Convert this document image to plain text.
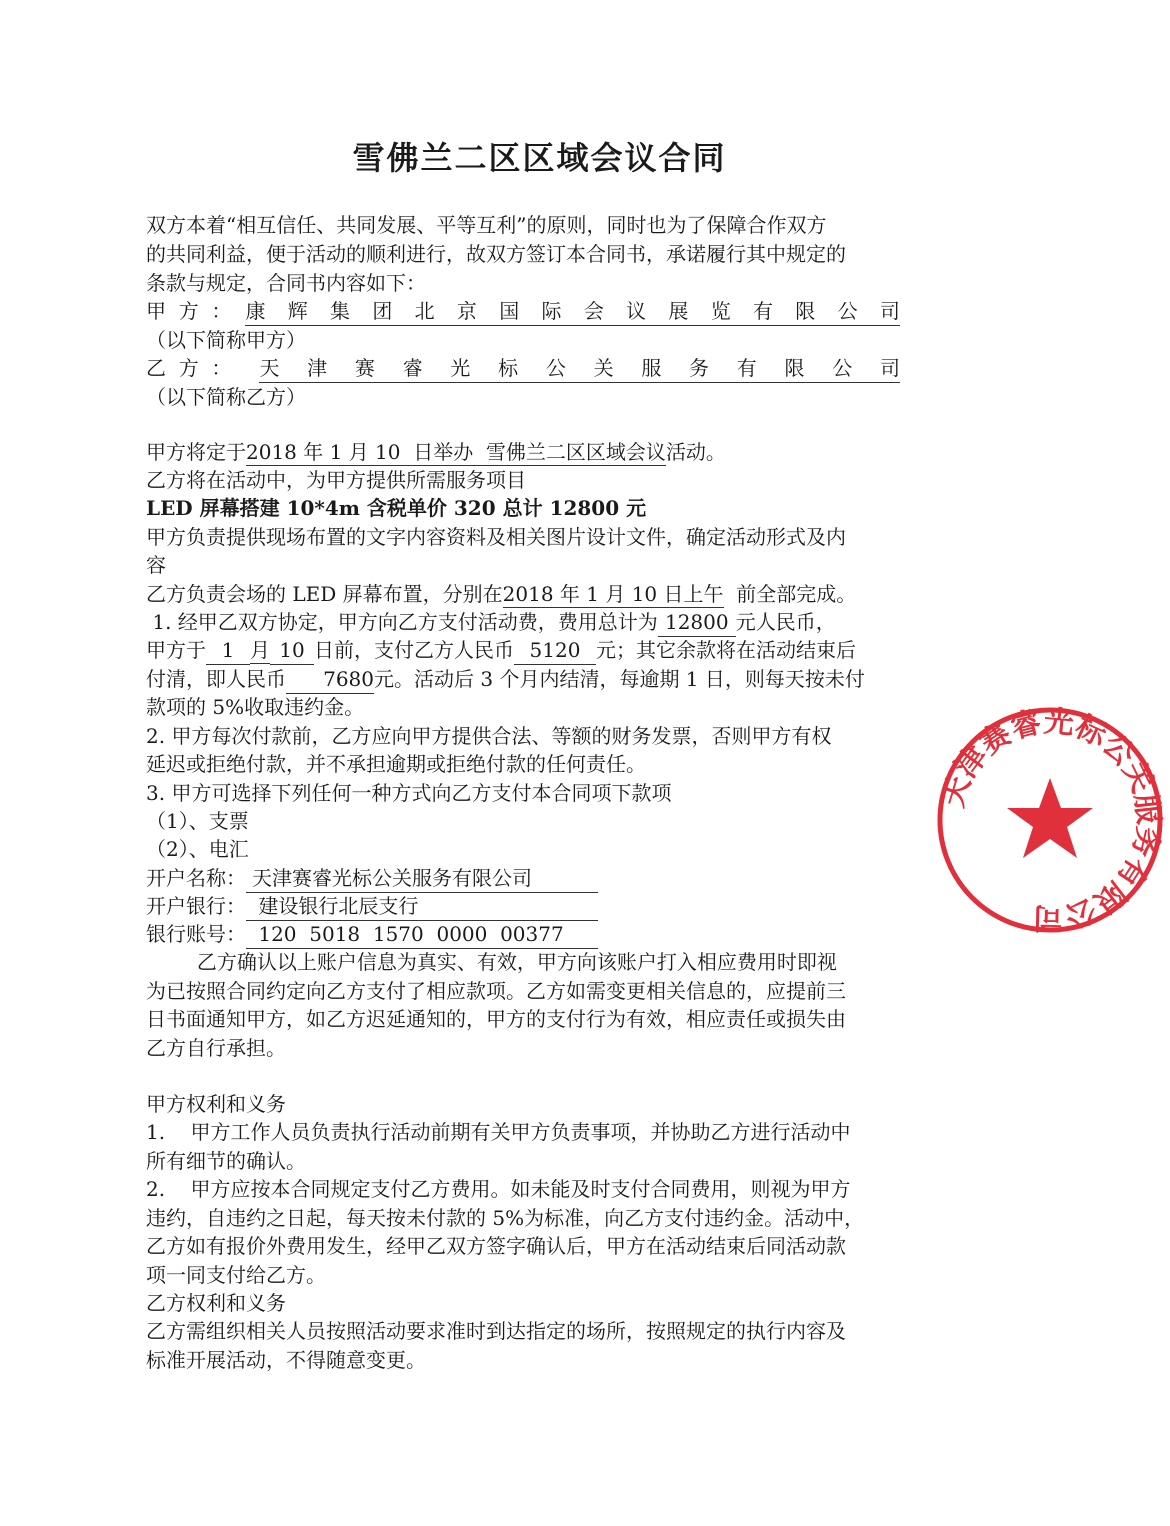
雪佛兰二区区域会议合同
双方本着“相互信任、共同发展、平等互利”的原则，同时也为了保障合作双方
的共同利益，便于活动的顺利进行，故双方签订本合同书，承诺履行其中规定的
条款与规定，合同书内容如下：
甲  方  ： 康 辉 集 团 北 京 国 际 会 议 展 览 有 限 公 司
（以下简称甲方）
乙  方  ： 天 津 赛 睿 光 标 公 关 服 务 有 限 公 司
（以下简称乙方）
甲方将定于2018 年 1 月 10  日举办  雪佛兰二区区域会议活动。
乙方将在活动中，为甲方提供所需服务项目
LED 屏幕搭建 10*4m 含税单价 320 总计 12800 元
甲方负责提供现场布置的文字内容资料及相关图片设计文件，确定活动形式及内
容
乙方负责会场的 LED 屏幕布置，分别在2018 年 1 月 10 日上午  前全部完成。
1. 经甲乙双方协定，甲方向乙方支付活动费，费用总计为 12800 元人民币，
甲方于 1 月 10 日前，支付乙方人民币 5120 元；其它余款将在活动结束后
付清，即人民币 7680元。活动后 3 个月内结清，每逾期 1 日，则每天按未付
款项的 5%收取违约金。
2. 甲方每次付款前，乙方应向甲方提供合法、等额的财务发票，否则甲方有权
延迟或拒绝付款，并不承担逾期或拒绝付款的任何责任。
3. 甲方可选择下列任何一种方式向乙方支付本合同项下款项
（1）、支票
（2）、电汇
开户名称： 天津赛睿光标公关服务有限公司
开户银行： 建设银行北辰支行
银行账号： 120  5018  1570  0000  00377
乙方确认以上账户信息为真实、有效，甲方向该账户打入相应费用时即视
为已按照合同约定向乙方支付了相应款项。乙方如需变更相关信息的，应提前三
日书面通知甲方，如乙方迟延通知的，甲方的支付行为有效，相应责任或损失由
乙方自行承担。
甲方权利和义务
1.    甲方工作人员负责执行活动前期有关甲方负责事项，并协助乙方进行活动中
所有细节的确认。
2.    甲方应按本合同规定支付乙方费用。如未能及时支付合同费用，则视为甲方
违约，自违约之日起，每天按未付款的 5%为标准，向乙方支付违约金。活动中，
乙方如有报价外费用发生，经甲乙双方签字确认后，甲方在活动结束后同活动款
项一同支付给乙方。
乙方权利和义务
乙方需组织相关人员按照活动要求准时到达指定的场所，按照规定的执行内容及
标准开展活动，不得随意变更。
天津赛睿光标公关服务有限公司
